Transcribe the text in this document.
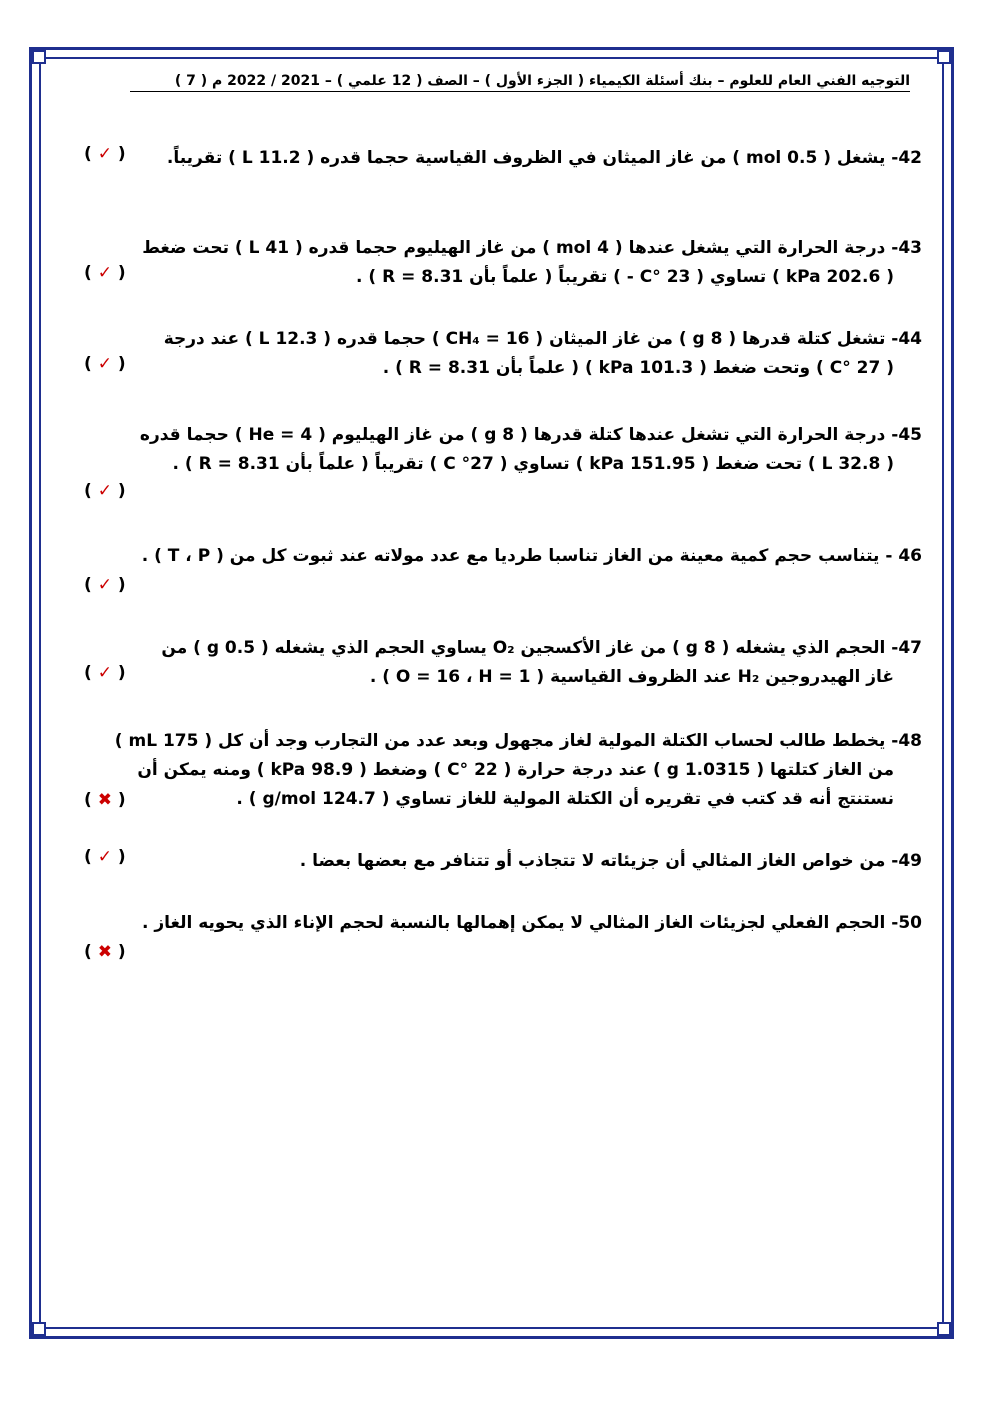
التوجيه الفني العام للعلوم – بنك أسئلة الكيمياء ( الجزء الأول ) – الصف ( 12 علمي ) – 2021 / 2022 م ( 7 )
42- يشغل ( 0.5 mol ) من غاز الميثان في الظروف القياسية حجما قدره ( 11.2 L ) تقريباً.
( ✓ )
43- درجة الحرارة التي يشغل عندها ( 4 mol ) من غاز الهيليوم حجما قدره ( 41 L ) تحت ضغط
( 202.6 kPa ) تساوي ( 23 °C - ) تقريباً ( علماً بأن R = 8.31 ) .
( ✓ )
44- تشغل كتلة قدرها ( 8 g ) من غاز الميثان ( CH₄ = 16 ) حجما قدره ( 12.3 L ) عند درجة
( 27 °C ) وتحت ضغط ( 101.3 kPa ) ( علماً بأن R = 8.31 ) .
( ✓ )
45- درجة الحرارة التي تشغل عندها كتلة قدرها ( 8 g ) من غاز الهيليوم ( He = 4 ) حجما قدره
( 32.8 L ) تحت ضغط ( 151.95 kPa ) تساوي ( 27° C ) تقريباً ( علماً بأن R = 8.31 ) .
( ✓ )
46 - يتناسب حجم كمية معينة من الغاز تناسبا طرديا مع عدد مولاته عند ثبوت كل من ( T ، P ) .
( ✓ )
47- الحجم الذي يشغله ( 8 g ) من غاز الأكسجين O₂ يساوي الحجم الذي يشغله ( 0.5 g ) من
غاز الهيدروجين H₂ عند الظروف القياسية ( O = 16 ، H = 1 ) .
( ✓ )
48- يخطط طالب لحساب الكتلة المولية لغاز مجهول وبعد عدد من التجارب وجد أن كل ( 175 mL )
من الغاز كتلتها ( 1.0315 g ) عند درجة حرارة ( 22 °C ) وضغط ( 98.9 kPa ) ومنه يمكن أن
نستنتج أنه قد كتب في تقريره أن الكتلة المولية للغاز تساوي ( 124.7 g/mol ) .
( ✖ )
49- من خواص الغاز المثالي أن جزيئاته لا تتجاذب أو تتنافر مع بعضها بعضا .
( ✓ )
50- الحجم الفعلي لجزيئات الغاز المثالي لا يمكن إهمالها بالنسبة لحجم الإناء الذي يحويه الغاز .
( ✖ )
